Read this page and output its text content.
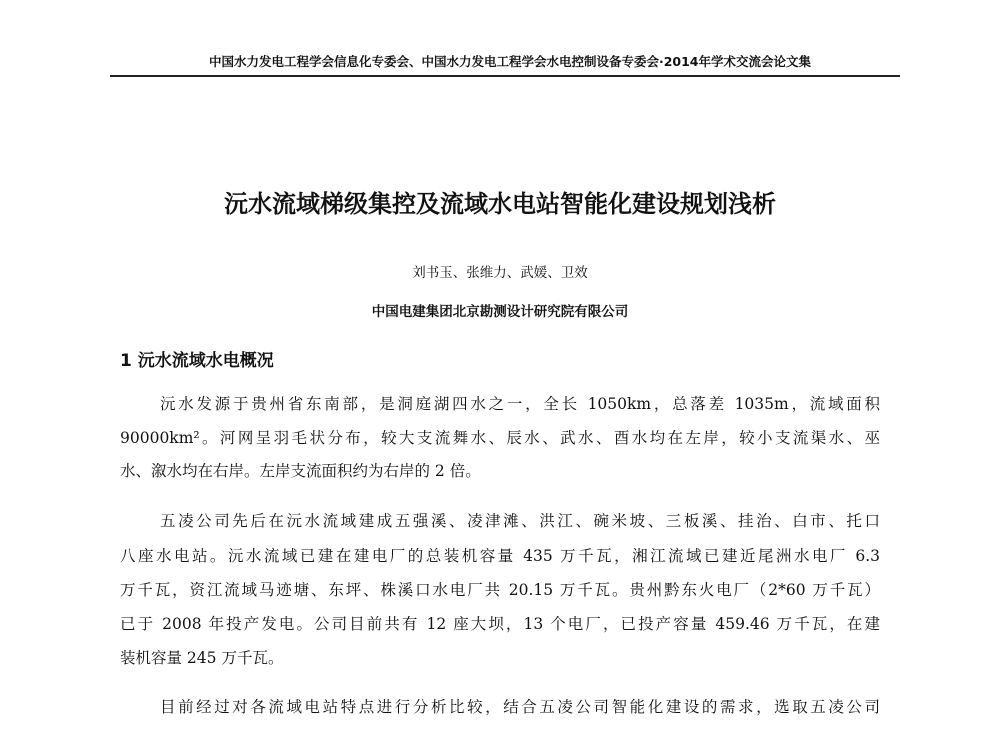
中国水力发电工程学会信息化专委会、中国水力发电工程学会水电控制设备专委会·2014年学术交流会论文集
沅水流域梯级集控及流域水电站智能化建设规划浅析
刘书玉、张维力、武媛、卫效
中国电建集团北京勘测设计研究院有限公司
1 沅水流域水电概况
沅水发源于贵州省东南部，是洞庭湖四水之一，全长 1050km，总落差 1035m，流域面积
90000km²。河网呈羽毛状分布，较大支流舞水、辰水、武水、酉水均在左岸，较小支流渠水、巫
水、溆水均在右岸。左岸支流面积约为右岸的 2 倍。
五凌公司先后在沅水流域建成五强溪、凌津滩、洪江、碗米坡、三板溪、挂治、白市、托口
八座水电站。沅水流域已建在建电厂的总装机容量 435 万千瓦，湘江流域已建近尾洲水电厂 6.3
万千瓦，资江流域马迹塘、东坪、株溪口水电厂共 20.15 万千瓦。贵州黔东火电厂（2*60 万千瓦）
已于 2008 年投产发电。公司目前共有 12 座大坝，13 个电厂，已投产容量 459.46 万千瓦，在建
装机容量 245 万千瓦。
目前经过对各流域电站特点进行分析比较，结合五凌公司智能化建设的需求，选取五凌公司
